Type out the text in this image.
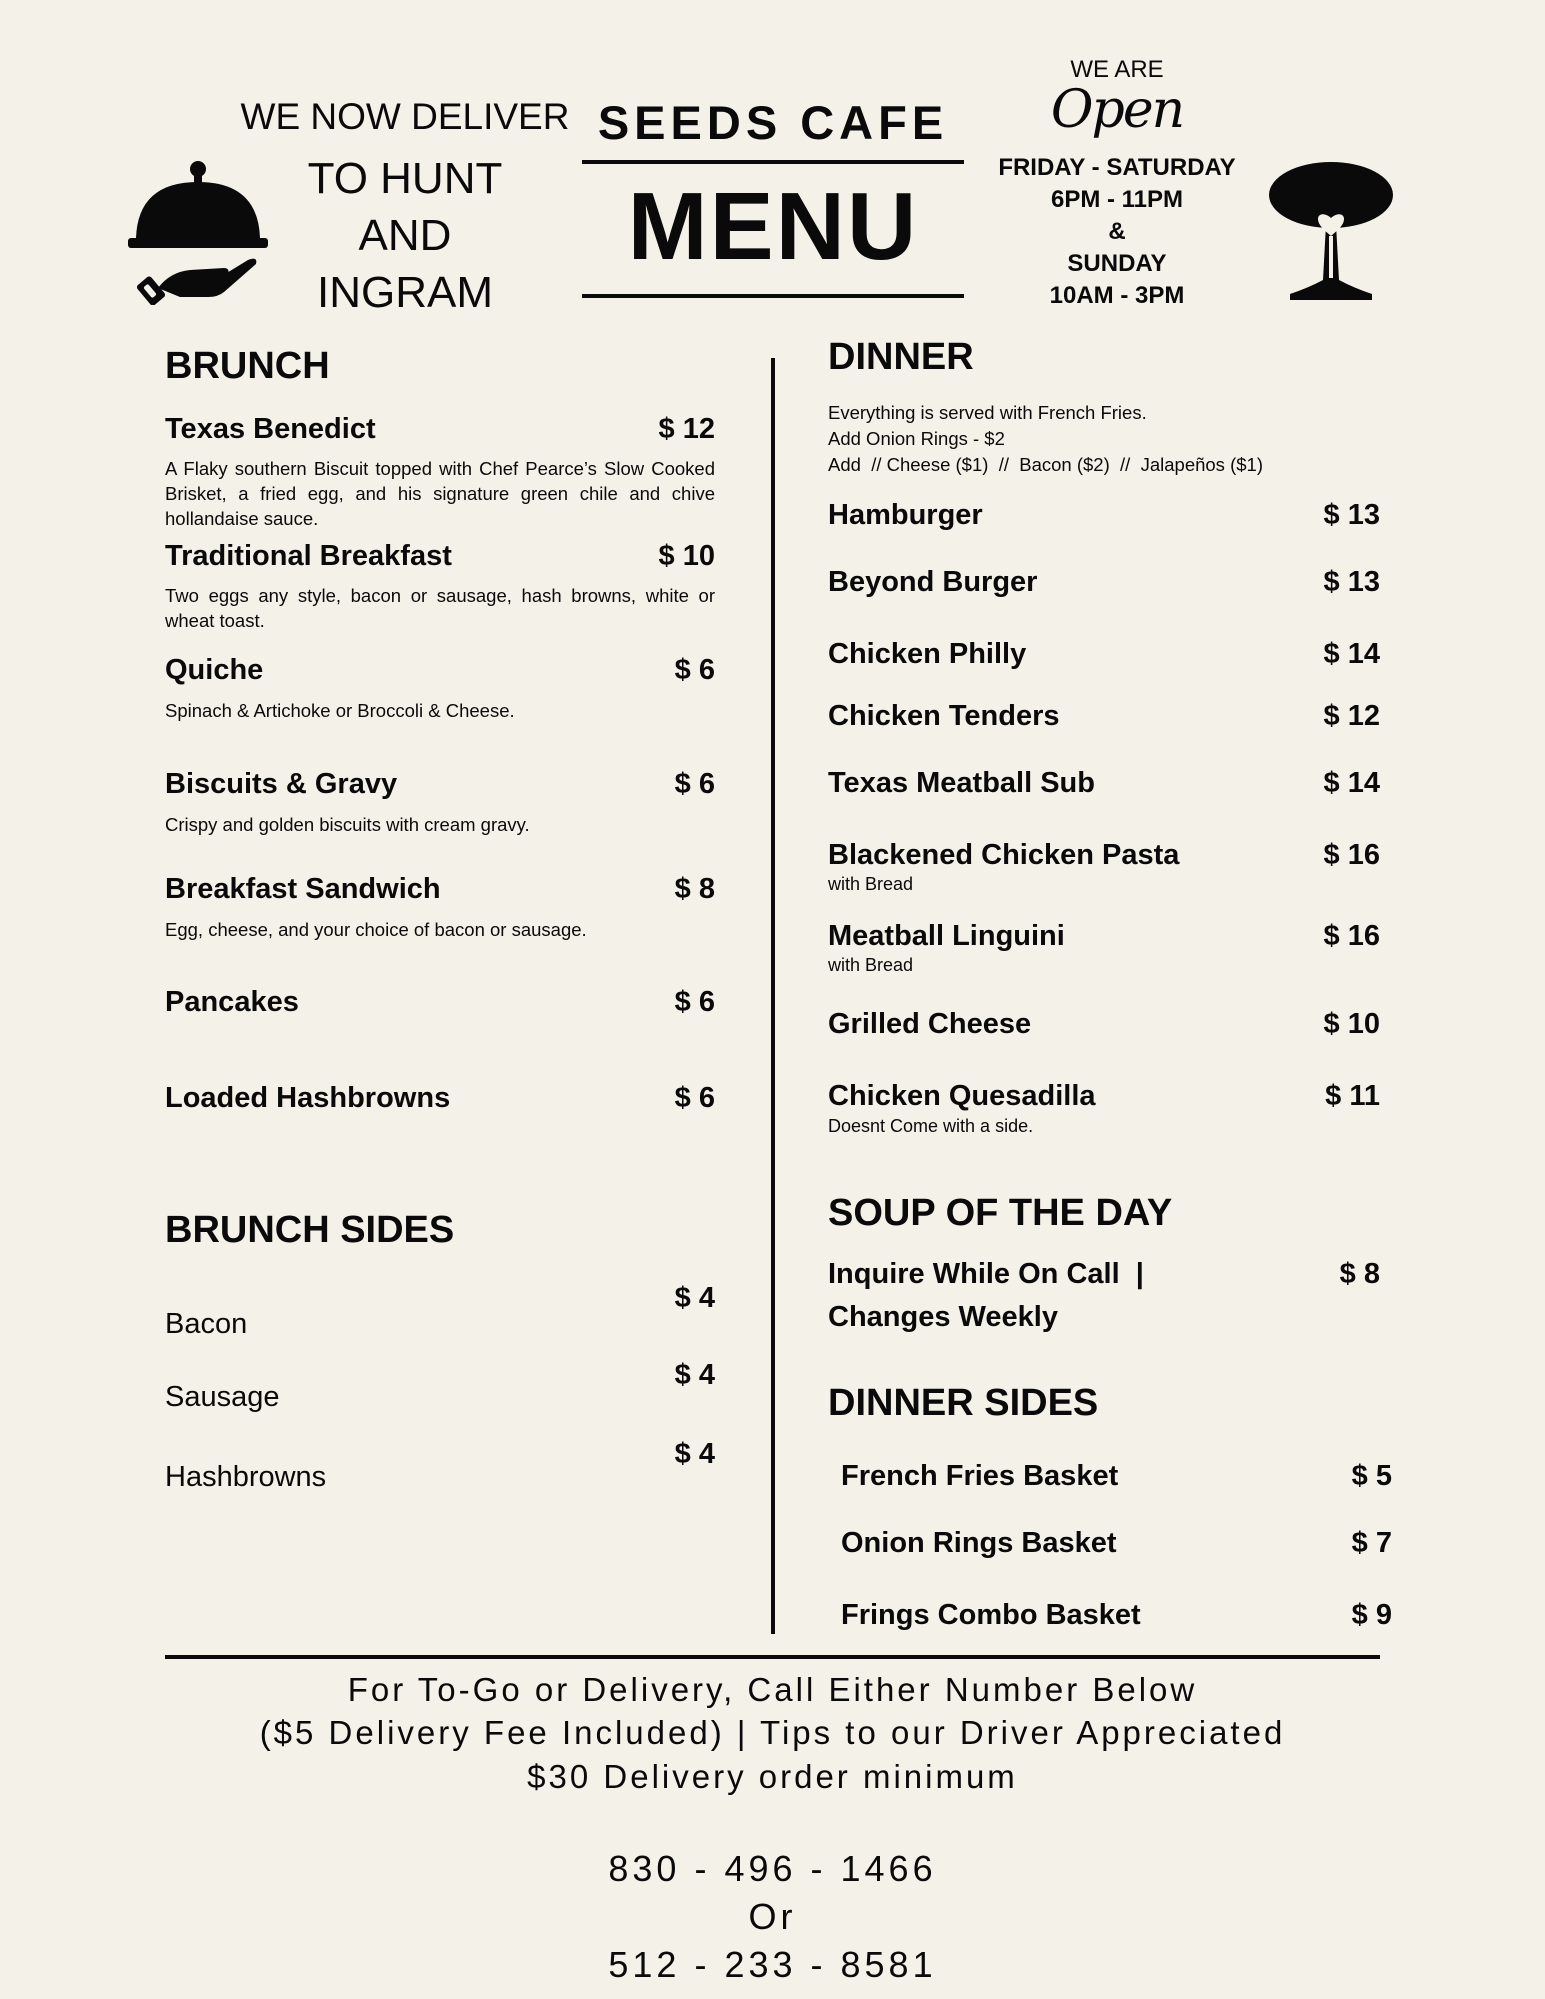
WE NOW DELIVER
TO HUNT
AND
INGRAM
SEEDS CAFE
MENU
WE ARE
Open
FRIDAY - SATURDAY
6PM - 11PM
&
SUNDAY
10AM - 3PM
BRUNCH
Texas Benedict	$ 12
A Flaky southern Biscuit topped with Chef Pearce’s Slow Cooked Brisket, a fried egg, and his signature green chile and chive hollandaise sauce.
Traditional Breakfast	$ 10
Two eggs any style, bacon or sausage, hash browns, white or wheat toast.
Quiche	$ 6
Spinach & Artichoke or Broccoli & Cheese.
Biscuits & Gravy	$ 6
Crispy and golden biscuits with cream gravy.
Breakfast Sandwich	$ 8
Egg, cheese, and your choice of bacon or sausage.
Pancakes	$ 6
Loaded Hashbrowns	$ 6
BRUNCH SIDES
Bacon
$ 4
Sausage
$ 4
Hashbrowns
$ 4
DINNER
Everything is served with French Fries.
Add Onion Rings - $2
Add  // Cheese ($1)  //  Bacon ($2)  //  Jalapeños ($1)
Hamburger	$ 13
Beyond Burger	$ 13
Chicken Philly	$ 14
Chicken Tenders	$ 12
Texas Meatball Sub	$ 14
Blackened Chicken Pasta	$ 16
with Bread
Meatball Linguini	$ 16
with Bread
Grilled Cheese	$ 10
Chicken Quesadilla	$ 11
Doesnt Come with a side.
SOUP OF THE DAY
Inquire While On Call  |
Changes Weekly
$ 8
DINNER SIDES
French Fries Basket	$ 5
Onion Rings Basket	$ 7
Frings Combo Basket	$ 9
For To-Go or Delivery, Call Either Number Below
($5 Delivery Fee Included) | Tips to our Driver Appreciated
$30 Delivery order minimum
830 - 496 - 1466
Or
512 - 233 - 8581
